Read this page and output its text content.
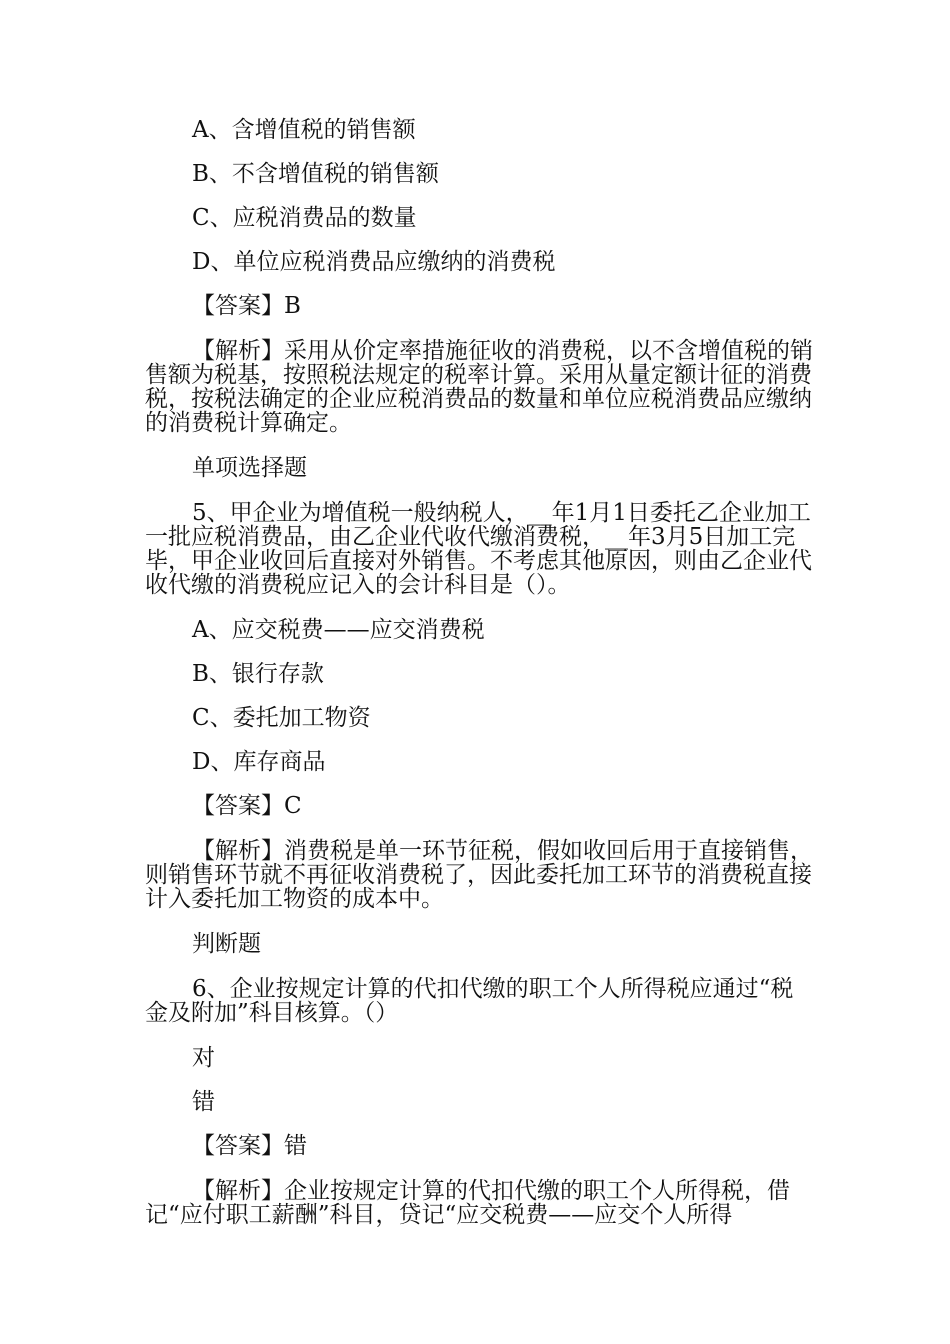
A、含增值税的销售额

B、不含增值税的销售额

C、应税消费品的数量

D、单位应税消费品应缴纳的消费税

【答案】B

【解析】采用从价定率措施征收的消费税，以不含增值税的销售额为税基，按照税法规定的税率计算。采用从量定额计征的消费税，按税法确定的企业应税消费品的数量和单位应税消费品应缴纳的消费税计算确定。

单项选择题

5、甲企业为增值税一般纳税人，__年1月1日委托乙企业加工一批应税消费品，由乙企业代收代缴消费税，__年3月5日加工完毕，甲企业收回后直接对外销售。不考虑其他原因，则由乙企业代收代缴的消费税应记入的会计科目是（）。

A、应交税费——应交消费税

B、银行存款

C、委托加工物资

D、库存商品

【答案】C

【解析】消费税是单一环节征税，假如收回后用于直接销售，则销售环节就不再征收消费税了，因此委托加工环节的消费税直接计入委托加工物资的成本中。

判断题

6、企业按规定计算的代扣代缴的职工个人所得税应通过“税金及附加”科目核算。（）

对

错

【答案】错

【解析】企业按规定计算的代扣代缴的职工个人所得税，借记“应付职工薪酬”科目，贷记“应交税费——应交个人所得
